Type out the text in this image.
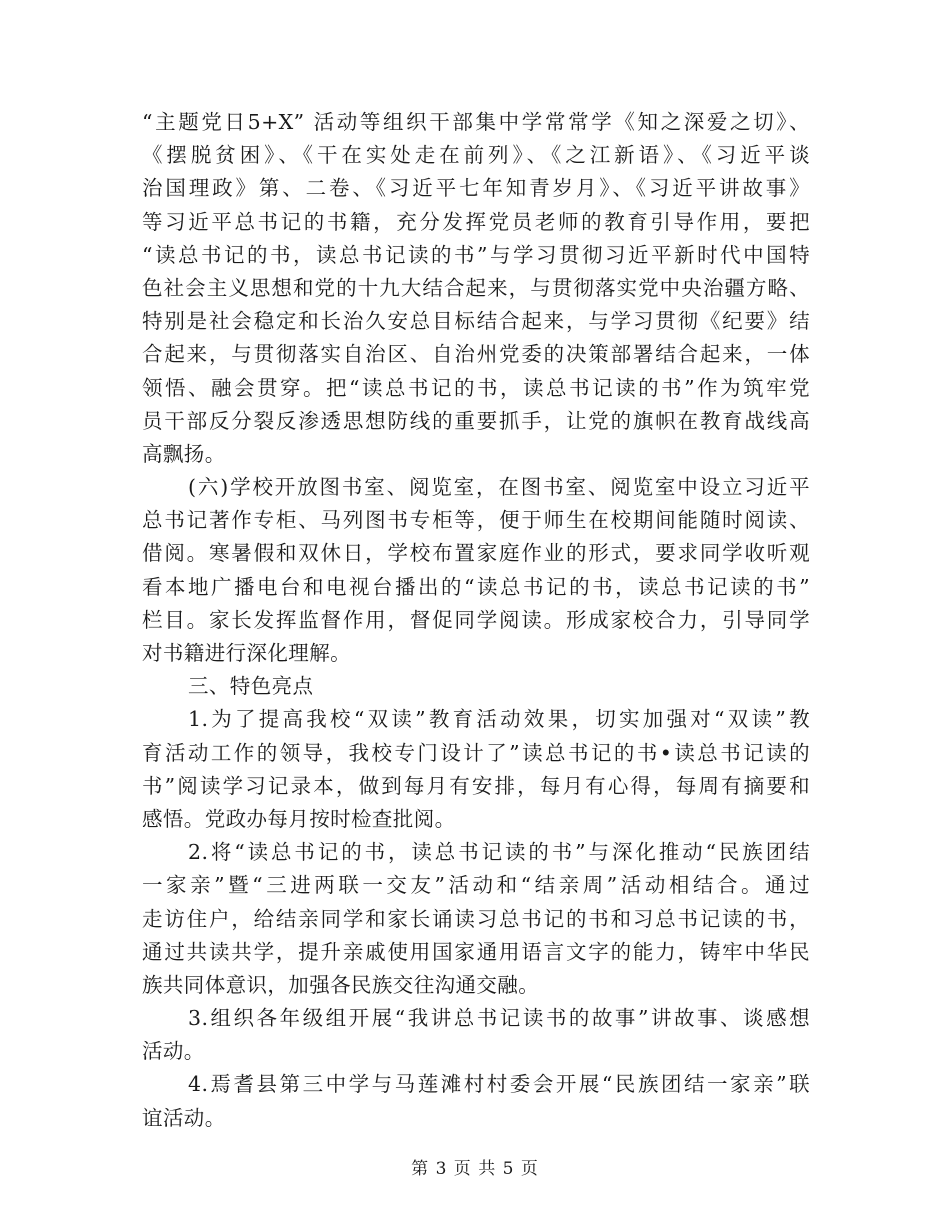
“主题党日5+X” 活动等组织干部集中学常常学《知之深爱之切》、
《摆脱贫困》、《干在实处走在前列》、《之江新语》、《习近平谈
治国理政》第、二卷、《习近平七年知青岁月》、《习近平讲故事》
等习近平总书记的书籍，充分发挥党员老师的教育引导作用，要把
“读总书记的书，读总书记读的书”与学习贯彻习近平新时代中国特
色社会主义思想和党的十九大结合起来，与贯彻落实党中央治疆方略、
特别是社会稳定和长治久安总目标结合起来，与学习贯彻《纪要》结
合起来，与贯彻落实自治区、自治州党委的决策部署结合起来，一体
领悟、融会贯穿。把“读总书记的书，读总书记读的书”作为筑牢党
员干部反分裂反渗透思想防线的重要抓手，让党的旗帜在教育战线高
高飘扬。
(六)学校开放图书室、阅览室，在图书室、阅览室中设立习近平
总书记著作专柜、马列图书专柜等，便于师生在校期间能随时阅读、
借阅。寒暑假和双休日，学校布置家庭作业的形式，要求同学收听观
看本地广播电台和电视台播出的“读总书记的书，读总书记读的书”
栏目。家长发挥监督作用，督促同学阅读。形成家校合力，引导同学
对书籍进行深化理解。
三、特色亮点
1.为了提高我校“双读”教育活动效果，切实加强对“双读”教
育活动工作的领导，我校专门设计了”读总书记的书•读总书记读的
书”阅读学习记录本，做到每月有安排，每月有心得，每周有摘要和
感悟。党政办每月按时检查批阅。
2.将“读总书记的书，读总书记读的书”与深化推动“民族团结
一家亲”暨“三进两联一交友”活动和“结亲周”活动相结合。通过
走访住户，给结亲同学和家长诵读习总书记的书和习总书记读的书，
通过共读共学，提升亲戚使用国家通用语言文字的能力，铸牢中华民
族共同体意识，加强各民族交往沟通交融。
3.组织各年级组开展“我讲总书记读书的故事”讲故事、谈感想
活动。
4.焉耆县第三中学与马莲滩村村委会开展“民族团结一家亲”联
谊活动。
第 3 页 共 5 页
